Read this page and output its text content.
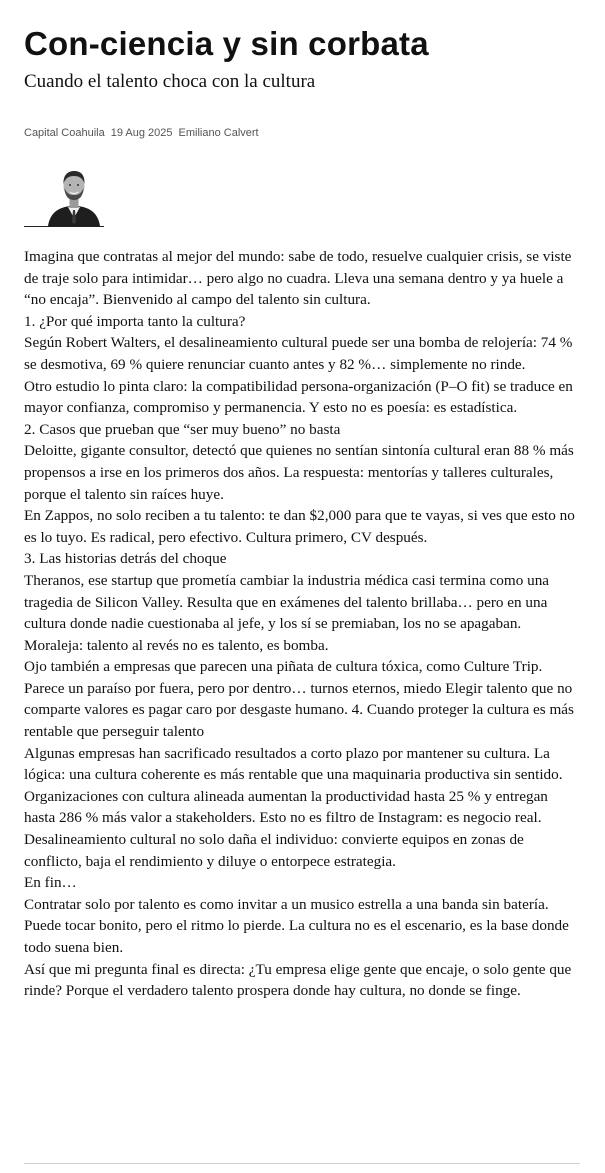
Con-ciencia y sin corbata
Cuando el talento choca con la cultura
Capital Coahuila 19 Aug 2025 Emiliano Calvert

Imagina que contratas al mejor del mundo: sabe de todo, resuelve cualquier crisis, se viste de traje solo para intimidar… pero algo no cuadra. Lleva una semana dentro y ya huele a “no encaja”. Bienvenido al campo del talento sin cultura.

1. ¿Por qué importa tanto la cultura?

Según Robert Walters, el desalineamiento cultural puede ser una bomba de relojería: 74 % se desmotiva, 69 % quiere renunciar cuanto antes y 82 %… simplemente no rinde.

Otro estudio lo pinta claro: la compatibilidad persona-organización (P–O fit) se traduce en mayor confianza, compromiso y permanencia. Y esto no es poesía: es estadística.

2. Casos que prueban que “ser muy bueno” no basta

Deloitte, gigante consultor, detectó que quienes no sentían sintonía cultural eran 88 % más propensos a irse en los primeros dos años. La respuesta: mentorías y talleres culturales, porque el talento sin raíces huye.

En Zappos, no solo reciben a tu talento: te dan $2,000 para que te vayas, si ves que esto no es lo tuyo. Es radical, pero efectivo. Cultura primero, CV después.

3. Las historias detrás del choque

Theranos, ese startup que prometía cambiar la industria médica casi termina como una tragedia de Silicon Valley. Resulta que en exámenes del talento brillaba… pero en una cultura donde nadie cuestionaba al jefe, y los sí se premiaban, los no se apagaban. Moraleja: talento al revés no es talento, es bomba.

Ojo también a empresas que parecen una piñata de cultura tóxica, como Culture Trip. Parece un paraíso por fuera, pero por dentro… turnos eternos, miedo Elegir talento que no comparte valores es pagar caro por desgaste humano. 4. Cuando proteger la cultura es más rentable que perseguir talento

Algunas empresas han sacrificado resultados a corto plazo por mantener su cultura. La lógica: una cultura coherente es más rentable que una maquinaria productiva sin sentido.

Organizaciones con cultura alineada aumentan la productividad hasta 25 % y entregan hasta 286 % más valor a stakeholders. Esto no es filtro de Instagram: es negocio real.

Desalineamiento cultural no solo daña el individuo: convierte equipos en zonas de conflicto, baja el rendimiento y diluye o entorpece estrategia.

En fin…

Contratar solo por talento es como invitar a un musico estrella a una banda sin batería. Puede tocar bonito, pero el ritmo lo pierde. La cultura no es el escenario, es la base donde todo suena bien.

Así que mi pregunta final es directa: ¿Tu empresa elige gente que encaje, o solo gente que rinde? Porque el verdadero talento prospera donde hay cultura, no donde se finge.
